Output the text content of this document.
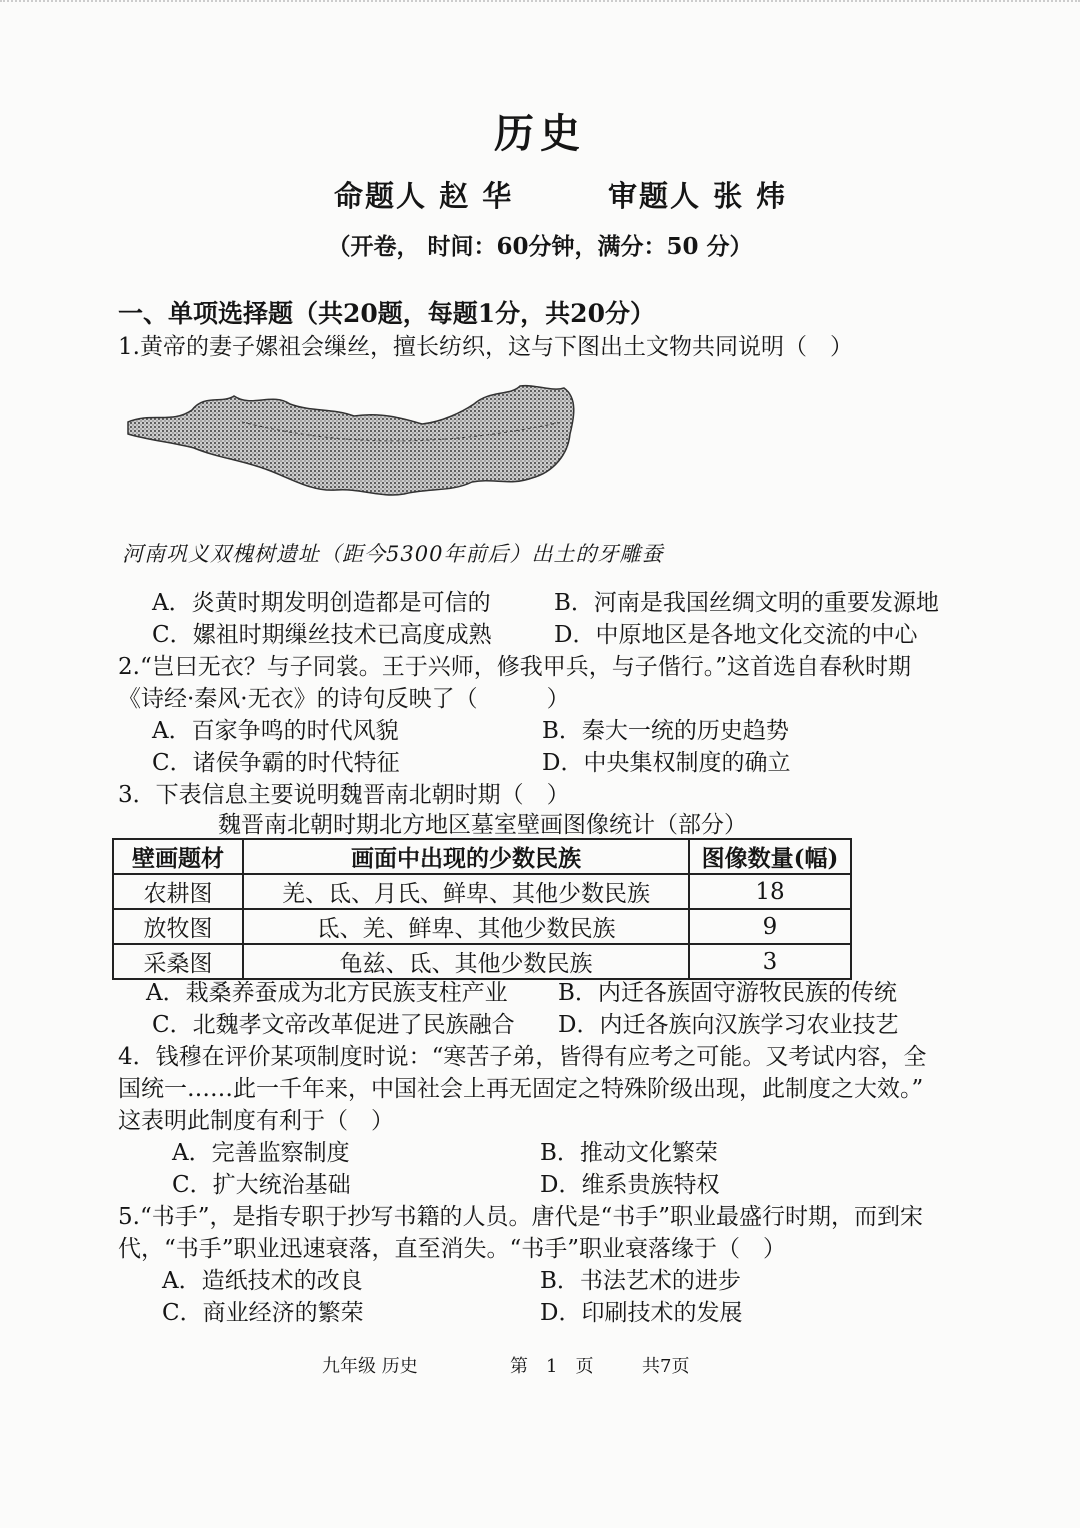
历史
命题人 赵 华	审题人 张 炜
（开卷， 时间：60分钟，满分：50 分）
一、单项选择题（共20题，每题1分，共20分）
1.黄帝的妻子嫘祖会缫丝，擅长纺织，这与下图出土文物共同说明（　）
河南巩义双槐树遗址（距今5300年前后）出土的牙雕蚕
A．炎黄时期发明创造都是可信的	B．河南是我国丝绸文明的重要发源地
C．嫘祖时期缫丝技术已高度成熟	D．中原地区是各地文化交流的中心
2.“岂曰无衣？与子同裳。王于兴师，修我甲兵，与子偕行。”这首选自春秋时期
《诗经·秦风·无衣》的诗句反映了（　　　）
A．百家争鸣的时代风貌	B．秦大一统的历史趋势
C．诸侯争霸的时代特征	D．中央集权制度的确立
3．下表信息主要说明魏晋南北朝时期（　）
魏晋南北朝时期北方地区墓室壁画图像统计（部分）
壁画题材	画面中出现的少数民族	图像数量(幅)
农耕图	羌、氐、月氏、鲜卑、其他少数民族	18
放牧图	氐、羌、鲜卑、其他少数民族	9
采桑图	龟兹、氐、其他少数民族	3
A．栽桑养蚕成为北方民族支柱产业 B．内迁各族固守游牧民族的传统
C．北魏孝文帝改革促进了民族融合 D．内迁各族向汉族学习农业技艺
4．钱穆在评价某项制度时说：“寒苦子弟，皆得有应考之可能。又考试内容，全
国统一……此一千年来，中国社会上再无固定之特殊阶级出现，此制度之大效。”
这表明此制度有利于（　）
A．完善监察制度	B．推动文化繁荣
C．扩大统治基础	D．维系贵族特权
5.“书手”，是指专职于抄写书籍的人员。唐代是“书手”职业最盛行时期，而到宋
代，“书手”职业迅速衰落，直至消失。“书手”职业衰落缘于（　）
A．造纸技术的改良	B．书法艺术的进步
C．商业经济的繁荣	D．印刷技术的发展
九年级 历史	第　1　页	共7页
